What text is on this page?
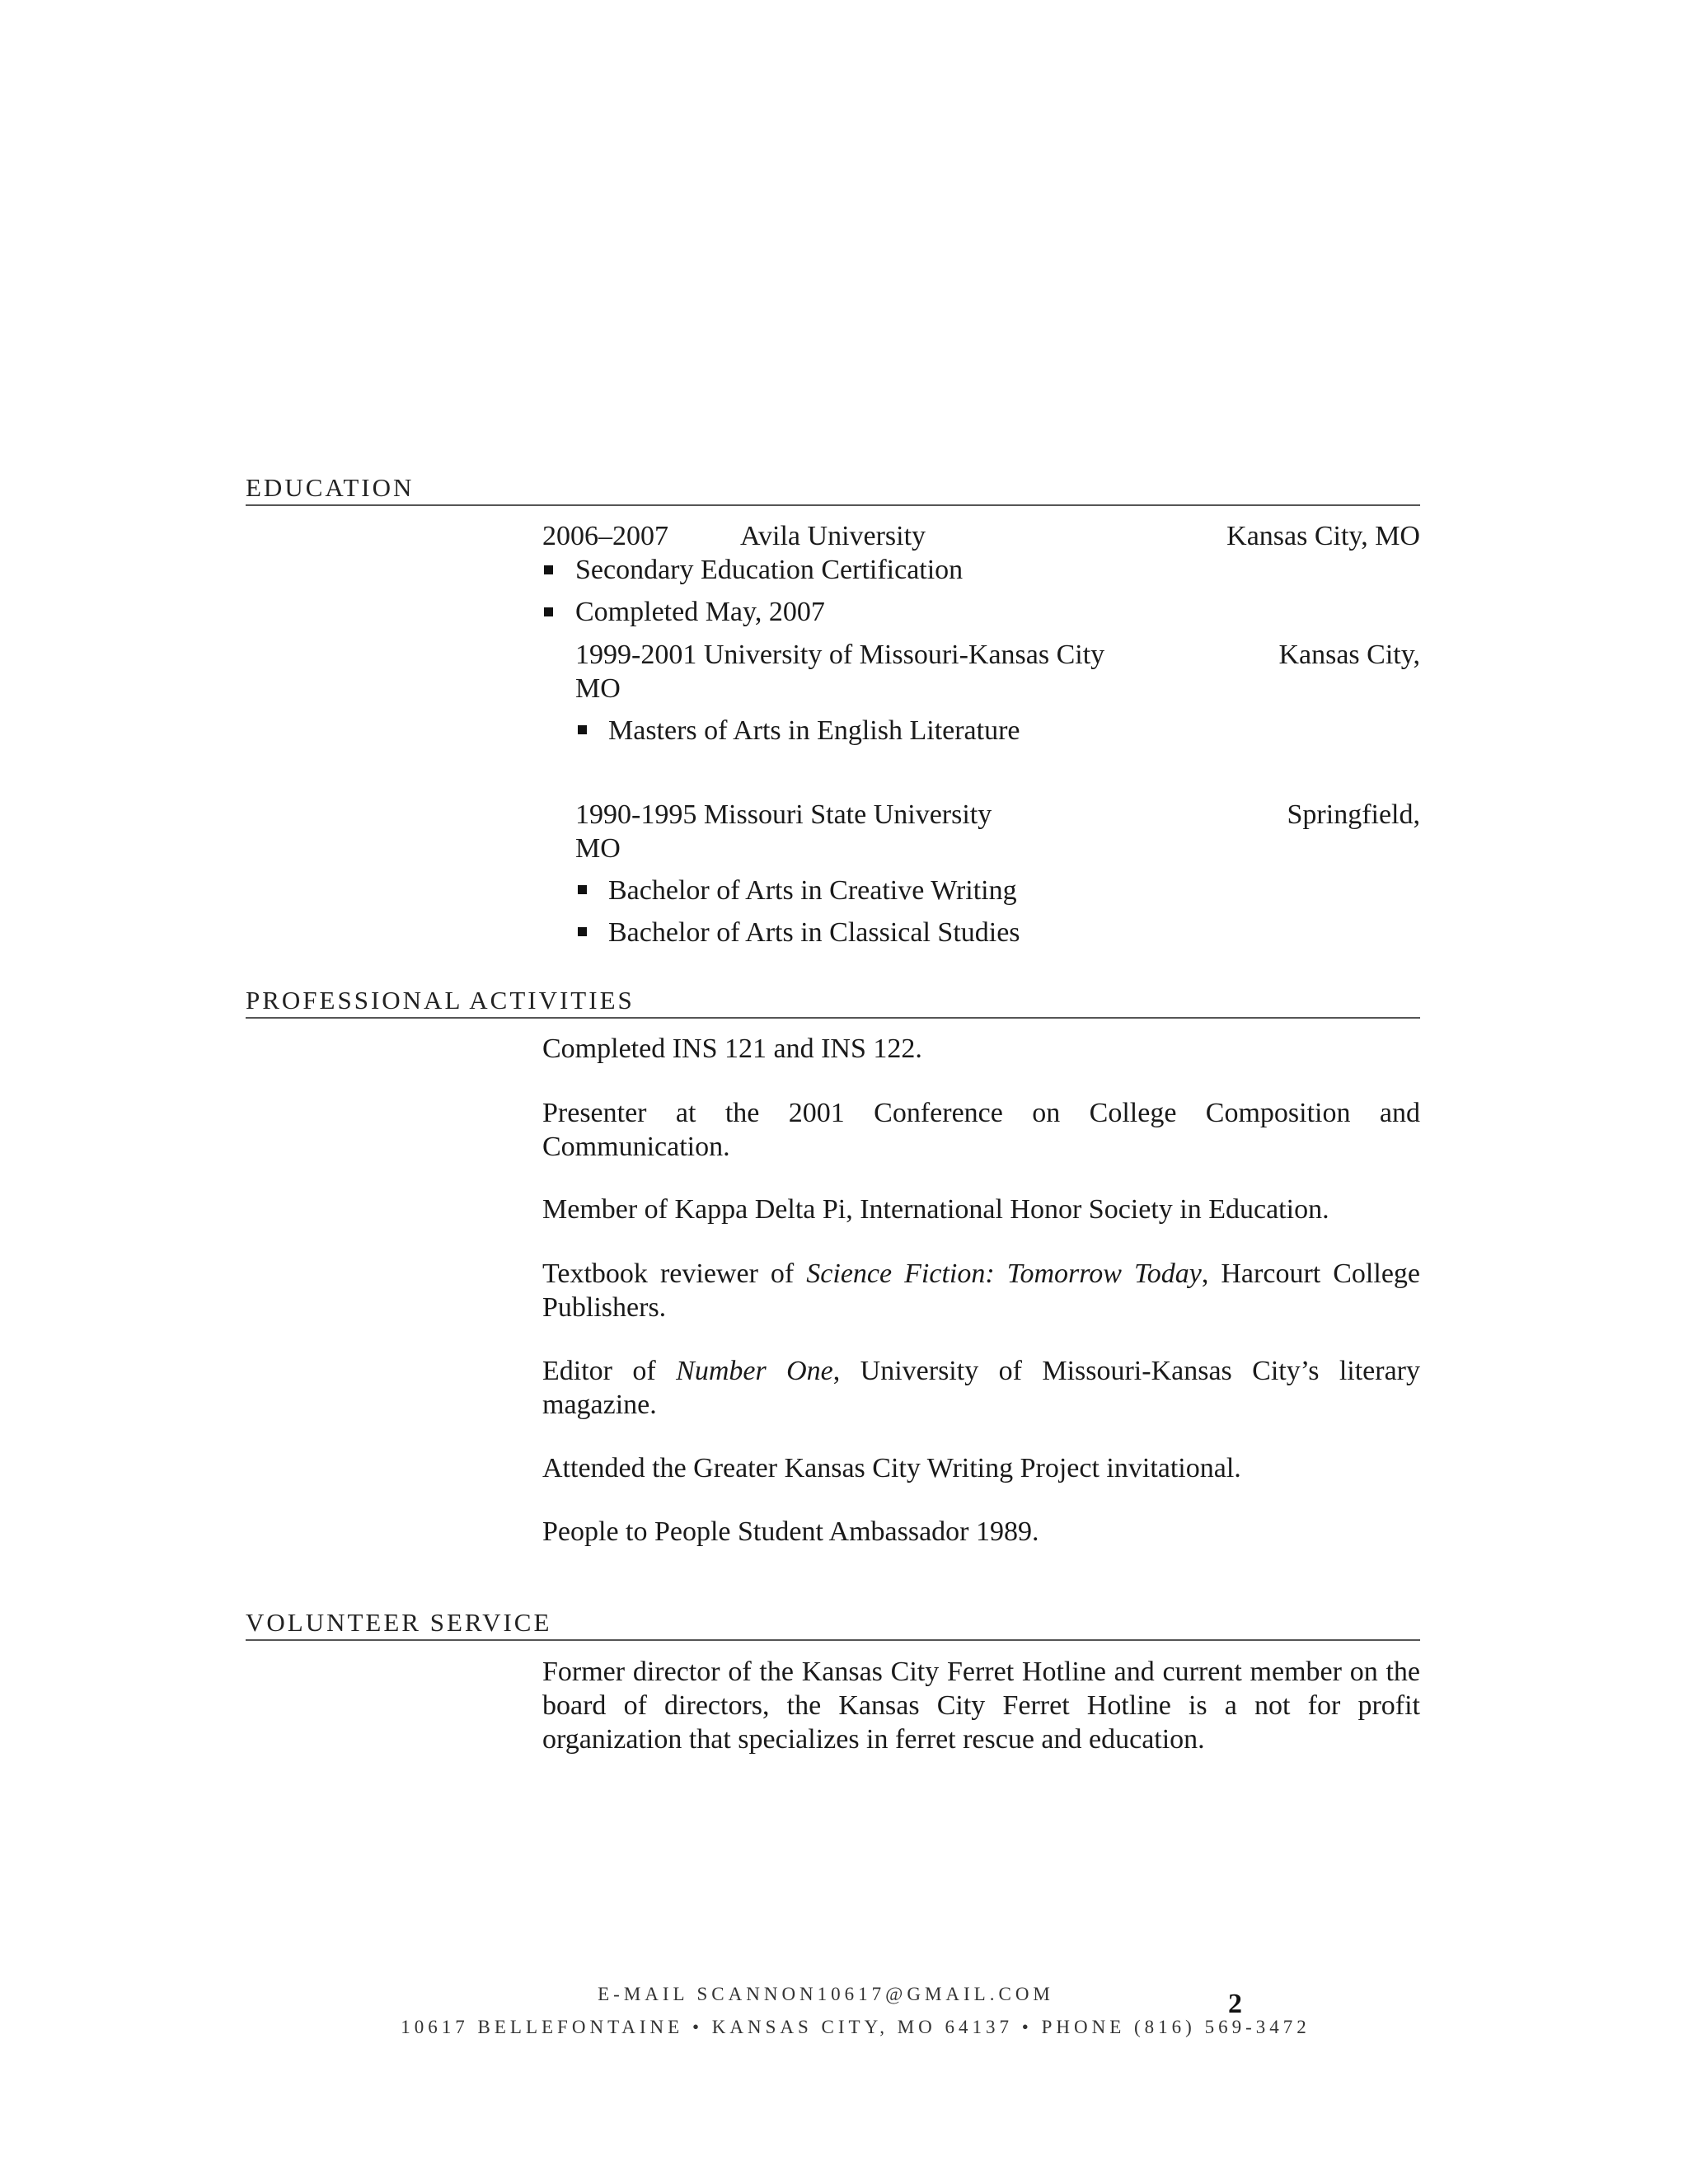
EDUCATION
2006–2007	Avila University	Kansas City, MO
Secondary Education Certification
Completed May, 2007
1999-2001 University of Missouri-Kansas City	Kansas City,
MO
Masters of Arts in English Literature
1990-1995 Missouri State University	Springfield,
MO
Bachelor of Arts in Creative Writing
Bachelor of Arts in Classical Studies
PROFESSIONAL ACTIVITIES
Completed INS 121 and INS 122.
Presenter at the 2001 Conference on College Composition and Communication.
Member of Kappa Delta Pi, International Honor Society in Education.
Textbook reviewer of Science Fiction: Tomorrow Today, Harcourt College Publishers.
Editor of Number One, University of Missouri-Kansas City’s literary magazine.
Attended the Greater Kansas City Writing Project invitational.
People to People Student Ambassador 1989.
VOLUNTEER SERVICE
Former director of the Kansas City Ferret Hotline and current member on the board of directors, the Kansas City Ferret Hotline is a not for profit organization that specializes in ferret rescue and education.
E-MAIL SCANNON10617@GMAIL.COM
10617 BELLEFONTAINE • KANSAS CITY, MO 64137 • PHONE (816) 569-3472
2
